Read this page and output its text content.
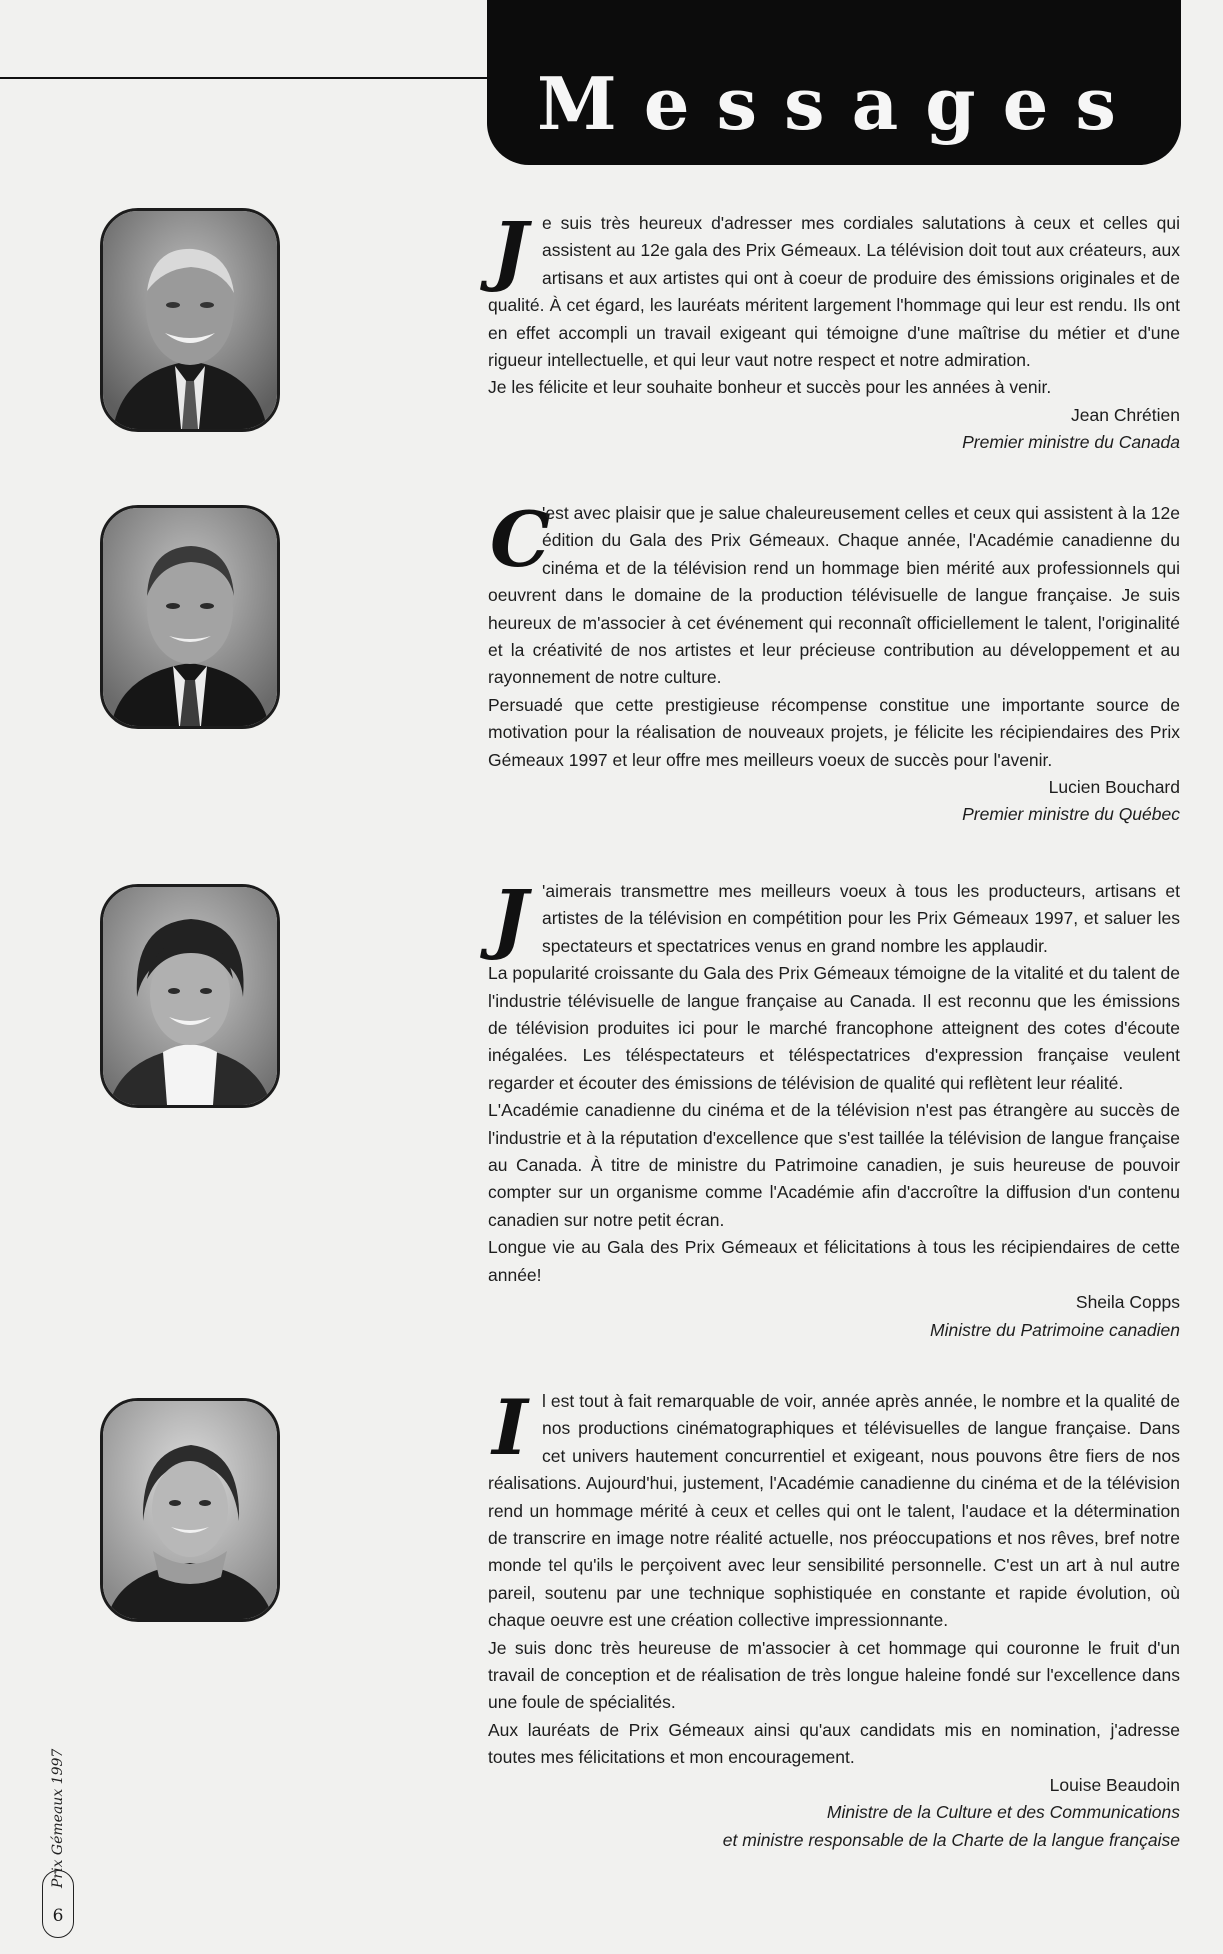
Messages
J e suis très heureux d'adresser mes cordiales salutations à ceux et celles qui assistent au 12e gala des Prix Gémeaux. La télévision doit tout aux créateurs, aux artisans et aux artistes qui ont à coeur de produire des émissions originales et de qualité. À cet égard, les lauréats méritent largement l'hommage qui leur est rendu. Ils ont en effet accompli un travail exigeant qui témoigne d'une maîtrise du métier et d'une rigueur intellectuelle, et qui leur vaut notre respect et notre admiration.

Je les félicite et leur souhaite bonheur et succès pour les années à venir.

Jean Chrétien
Premier ministre du Canada
C

'est avec plaisir que je salue chaleureusement celles et ceux qui assistent à la 12e édition du Gala des Prix Gémeaux. Chaque année, l'Académie canadienne du cinéma et de la télévision rend un hommage bien mérité aux professionnels qui oeuvrent dans le domaine de la production télévisuelle de langue française. Je suis heureux de m'associer à cet événement qui reconnaît officiellement le talent, l'originalité et la créativité de nos artistes et leur précieuse contribution au développement et au rayonnement de notre culture.

Persuadé que cette prestigieuse récompense constitue une importante source de motivation pour la réalisation de nouveaux projets, je félicite les récipiendaires des Prix Gémeaux 1997 et leur offre mes meilleurs voeux de succès pour l'avenir.

Lucien Bouchard
Premier ministre du Québec
J 'aimerais transmettre mes meilleurs voeux à tous les producteurs, artisans et artistes de la télévision en compétition pour les Prix Gémeaux 1997, et saluer les spectateurs et spectatrices venus en grand nombre les applaudir.

La popularité croissante du Gala des Prix Gémeaux témoigne de la vitalité et du talent de l'industrie télévisuelle de langue française au Canada. Il est reconnu que les émissions de télévision produites ici pour le marché francophone atteignent des cotes d'écoute inégalées. Les téléspectateurs et téléspectatrices d'expression française veulent regarder et écouter des émissions de télévision de qualité qui reflètent leur réalité.

L'Académie canadienne du cinéma et de la télévision n'est pas étrangère au succès de l'industrie et à la réputation d'excellence que s'est taillée la télévision de langue française au Canada. À titre de ministre du Patrimoine canadien, je suis heureuse de pouvoir compter sur un organisme comme l'Académie afin d'accroître la diffusion d'un contenu canadien sur notre petit écran.

Longue vie au Gala des Prix Gémeaux et félicitations à tous les récipiendaires de cette année!

Sheila Copps
Ministre du Patrimoine canadien
I l est tout à fait remarquable de voir, année après année, le nombre et la qualité de nos productions cinématographiques et télévisuelles de langue française. Dans cet univers hautement concurrentiel et exigeant, nous pouvons être fiers de nos réalisations. Aujourd'hui, justement, l'Académie canadienne du cinéma et de la télévision rend un hommage mérité à ceux et celles qui ont le talent, l'audace et la détermination de transcrire en image notre réalité actuelle, nos préoccupations et nos rêves, bref notre monde tel qu'ils le perçoivent avec leur sensibilité personnelle. C'est un art à nul autre pareil, soutenu par une technique sophistiquée en constante et rapide évolution, où chaque oeuvre est une création collective impressionnante.

Je suis donc très heureuse de m'associer à cet hommage qui couronne le fruit d'un travail de conception et de réalisation de très longue haleine fondé sur l'excellence dans une foule de spécialités.

Aux lauréats de Prix Gémeaux ainsi qu'aux candidats mis en nomination, j'adresse toutes mes félicitations et mon encouragement.

Louise Beaudoin
Ministre de la Culture et des Communications
et ministre responsable de la Charte de la langue française
Prix Gémeaux 1997
6
